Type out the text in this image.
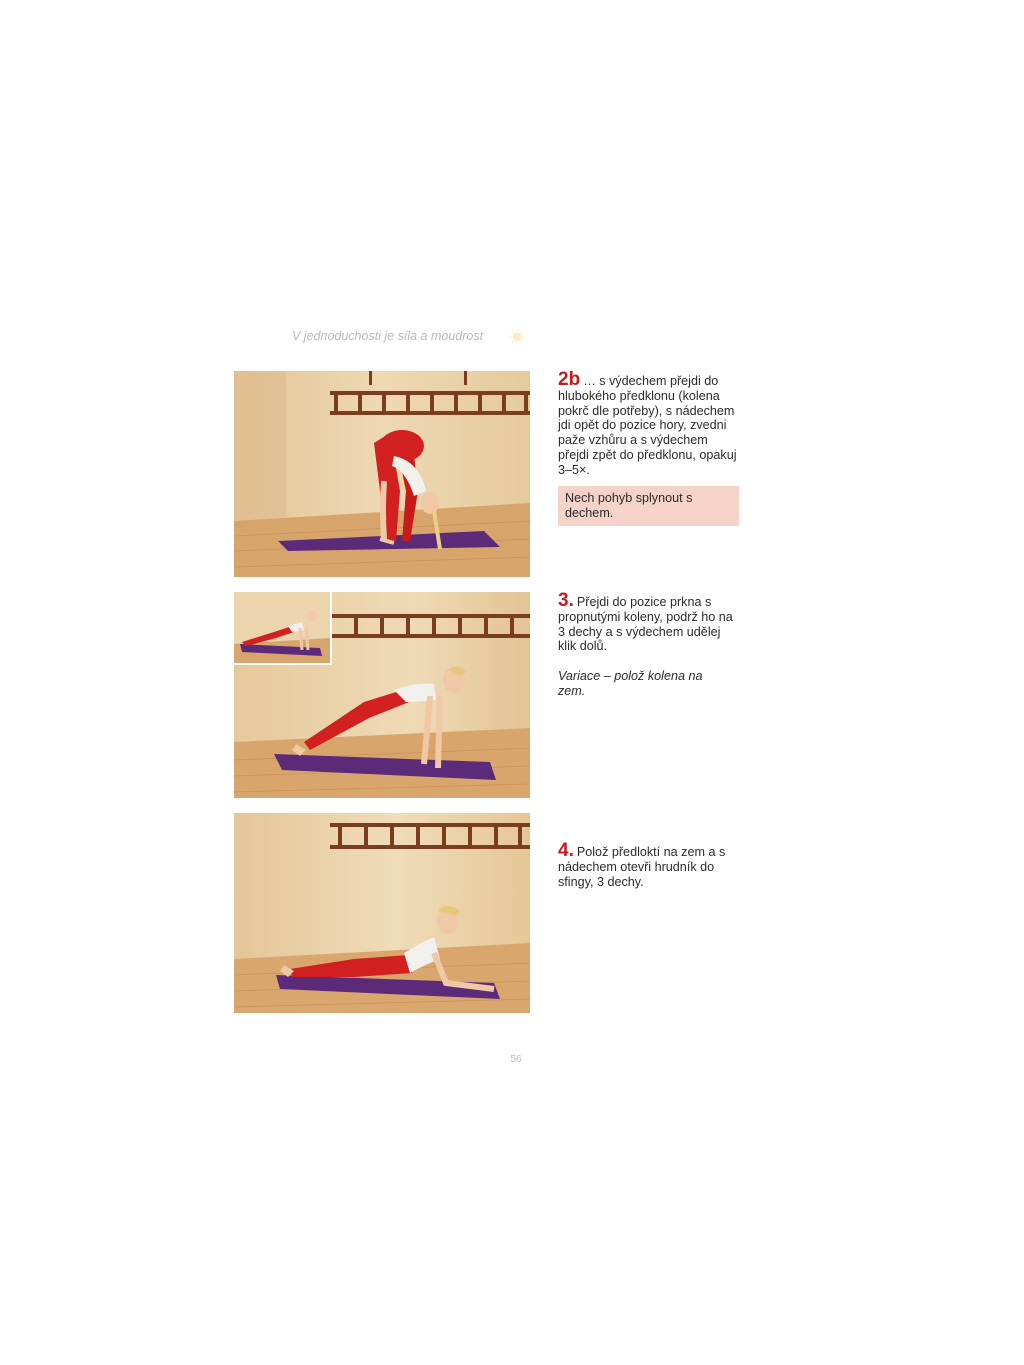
V jednoduchosti je síla a moudrost
2b … s výdechem přejdi do hlubokého předklonu (kolena pokrč dle potřeby), s nádechem jdi opět do pozice hory, zvedni paže vzhůru a s výdechem přejdi zpět do předklonu, opakuj 3–5×.
Nech pohyb splynout s dechem.
3. Přejdi do pozice prkna s propnutými koleny, podrž ho na 3 dechy a s výdechem udělej klik dolů.
Variace – polož kolena na zem.
4. Polož předloktí na zem a s nádechem otevři hrudník do sfingy, 3 dechy.
56
